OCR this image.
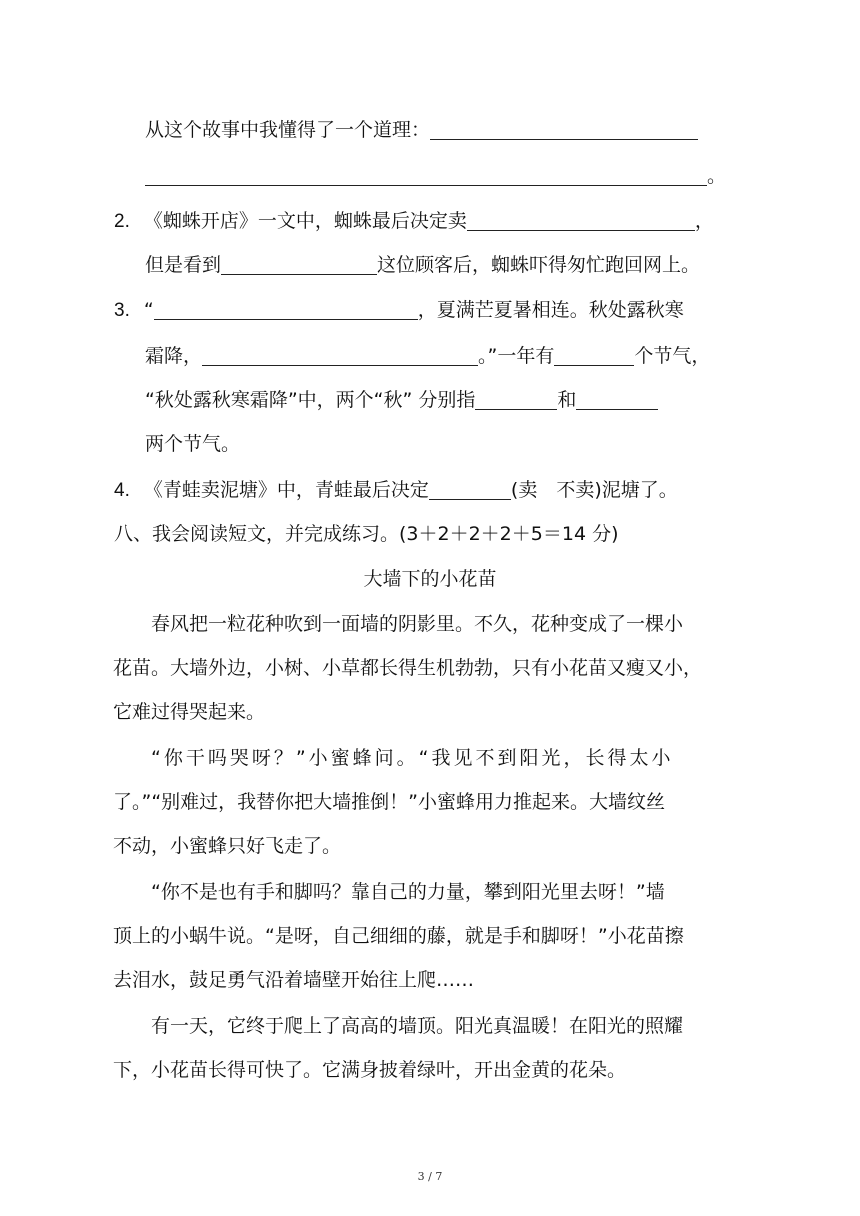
从这个故事中我懂得了一个道理：
。
2. 《蜘蛛开店》一文中，蜘蛛最后决定卖	，
但是看到	这位顾客后，蜘蛛吓得匆忙跑回网上。
3. “	，夏满芒夏暑相连。秋处露秋寒
霜降，	。”一年有	个节气，
“秋处露秋寒霜降”中，两个“秋” 分别指	和
两个节气。
4. 《青蛙卖泥塘》中，青蛙最后决定	(卖　不卖)泥塘了。
八、我会阅读短文，并完成练习。(3＋2＋2＋2＋5＝14 分)
大墙下的小花苗
春风把一粒花种吹到一面墙的阴影里。不久，花种变成了一棵小
花苗。大墙外边，小树、小草都长得生机勃勃，只有小花苗又瘦又小，
它难过得哭起来。
“你干吗哭呀？”小蜜蜂问。“我见不到阳光，长得太小
了。”“别难过，我替你把大墙推倒！”小蜜蜂用力推起来。大墙纹丝
不动，小蜜蜂只好飞走了。
“你不是也有手和脚吗？靠自己的力量，攀到阳光里去呀！”墙
顶上的小蜗牛说。“是呀，自己细细的藤，就是手和脚呀！”小花苗擦
去泪水，鼓足勇气沿着墙壁开始往上爬……
有一天，它终于爬上了高高的墙顶。阳光真温暖！在阳光的照耀
下，小花苗长得可快了。它满身披着绿叶，开出金黄的花朵。
3 / 7
